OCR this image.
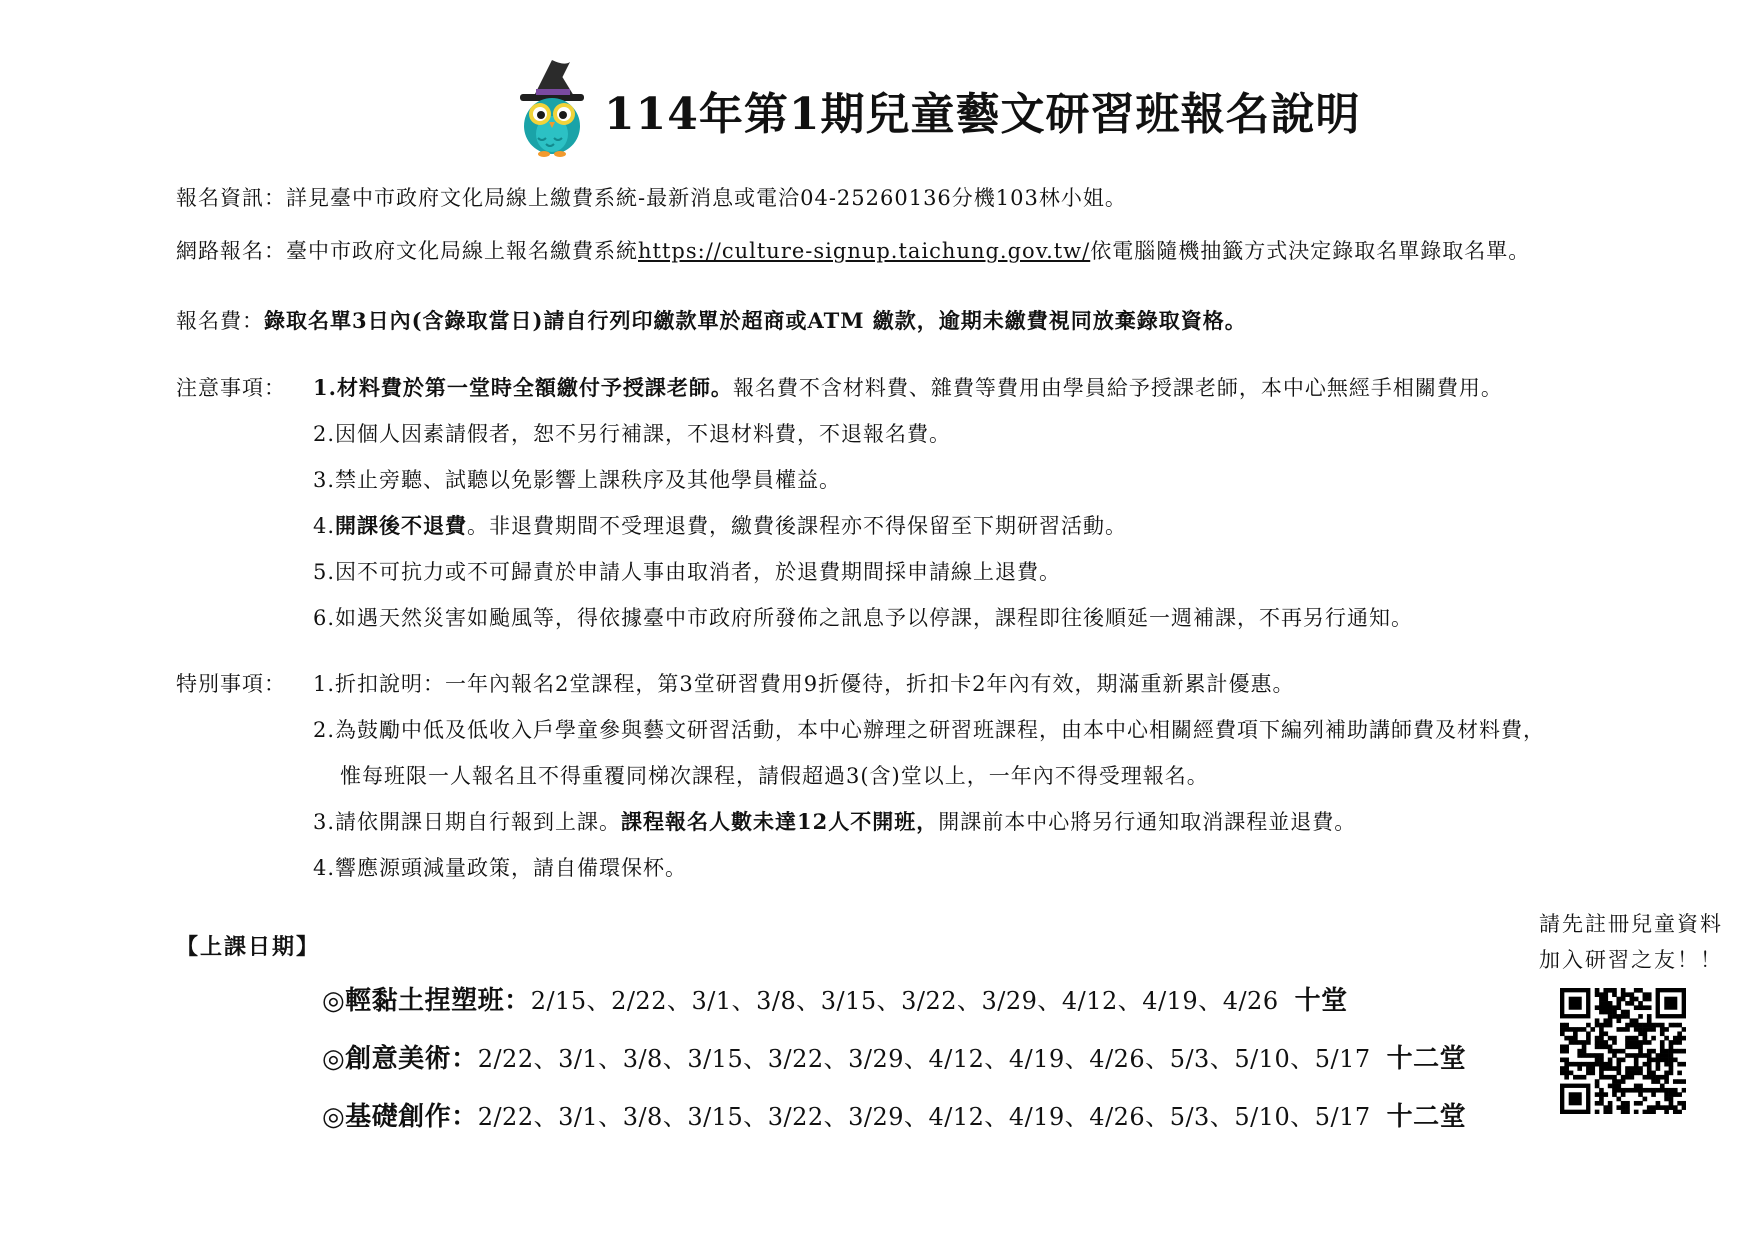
114年第1期兒童藝文研習班報名說明
報名資訊：詳見臺中市政府文化局線上繳費系統-最新消息或電洽04-25260136分機103林小姐。
網路報名：臺中市政府文化局線上報名繳費系統https://culture-signup.taichung.gov.tw/依電腦隨機抽籤方式決定錄取名單錄取名單。
報名費：錄取名單3日內(含錄取當日)請自行列印繳款單於超商或ATM 繳款，逾期未繳費視同放棄錄取資格。
注意事項： 1.材料費於第一堂時全額繳付予授課老師。報名費不含材料費、雜費等費用由學員給予授課老師，本中心無經手相關費用。
2.因個人因素請假者，恕不另行補課，不退材料費，不退報名費。
3.禁止旁聽、試聽以免影響上課秩序及其他學員權益。
4.開課後不退費。非退費期間不受理退費，繳費後課程亦不得保留至下期研習活動。
5.因不可抗力或不可歸責於申請人事由取消者，於退費期間採申請線上退費。
6.如遇天然災害如颱風等，得依據臺中市政府所發佈之訊息予以停課，課程即往後順延一週補課，不再另行通知。
特別事項： 1.折扣說明：一年內報名2堂課程，第3堂研習費用9折優待，折扣卡2年內有效，期滿重新累計優惠。
2.為鼓勵中低及低收入戶學童參與藝文研習活動，本中心辦理之研習班課程，由本中心相關經費項下編列補助講師費及材料費，
惟每班限一人報名且不得重覆同梯次課程，請假超過3(含)堂以上，一年內不得受理報名。
3.請依開課日期自行報到上課。課程報名人數未達12人不開班，開課前本中心將另行通知取消課程並退費。
4.響應源頭減量政策，請自備環保杯。
【上課日期】
◎輕黏土捏塑班：2/15、2/22、3/1、3/8、3/15、3/22、3/29、4/12、4/19、4/26 十堂
◎創意美術：2/22、3/1、3/8、3/15、3/22、3/29、4/12、4/19、4/26、5/3、5/10、5/17 十二堂
◎基礎創作：2/22、3/1、3/8、3/15、3/22、3/29、4/12、4/19、4/26、5/3、5/10、5/17 十二堂
請先註冊兒童資料
加入研習之友！！
